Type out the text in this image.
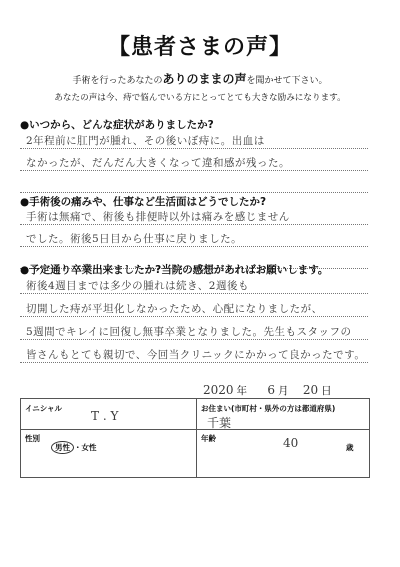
【患者さまの声】
手術を行ったあなたのありのままの声を聞かせて下さい。
あなたの声は今、痔で悩んでいる方にとってとても大きな励みになります。
●いつから、どんな症状がありましたか?
2年程前に肛門が腫れ、その後いぼ痔に。出血は
なかったが、だんだん大きくなって違和感が残った。
●手術後の痛みや、仕事など生活面はどうでしたか?
手術は無痛で、術後も排便時以外は痛みを感じません
でした。術後5日目から仕事に戻りました。
●予定通り卒業出来ましたか?当院の感想があればお願いします。
術後4週目までは多少の腫れは続き、2週後も
切開した痔が平坦化しなかったため、心配になりましたが、
5週間でキレイに回復し無事卒業となりました。先生もスタッフの
皆さんもとても親切で、今回当クリニックにかかって良かったです。
2020 年 6 月 20 日
イニシャル
T . Y
お住まい(市町村・県外の方は都道府県)
千葉
性別
男性 ・女性
年齢	40	歳
